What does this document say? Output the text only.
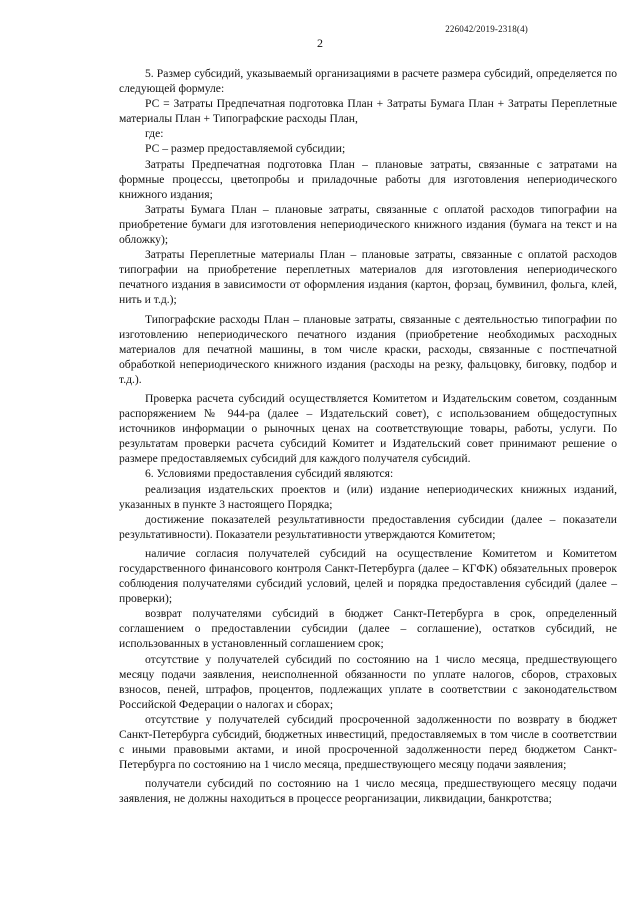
226042/2019-2318(4)
2

5. Размер субсидий, указываемый организациями в расчете размера субсидий, определяется по следующей формуле:

РС = Затраты Предпечатная подготовка План + Затраты Бумага План + Затраты Переплетные материалы План + Типографские расходы План,

где:

РС – размер предоставляемой субсидии;

Затраты Предпечатная подготовка План – плановые затраты, связанные с затратами на формные процессы, цветопробы и приладочные работы для изготовления непериодического книжного издания;

Затраты Бумага План – плановые затраты, связанные с оплатой расходов типографии на приобретение бумаги для изготовления непериодического книжного издания (бумага на текст и на обложку);

Затраты Переплетные материалы План – плановые затраты, связанные с оплатой расходов типографии на приобретение переплетных материалов для изготовления непериодического печатного издания в зависимости от оформления издания (картон, форзац, бумвинил, фольга, клей, нить и т.д.);

Типографские расходы План – плановые затраты, связанные с деятельностью типографии по изготовлению непериодического печатного издания (приобретение необходимых расходных материалов для печатной машины, в том числе краски, расходы, связанные с постпечатной обработкой непериодического книжного издания (расходы на резку, фальцовку, биговку, подбор и т.д.).

Проверка расчета субсидий осуществляется Комитетом и Издательским советом, созданным распоряжением № 944-ра (далее – Издательский совет), с использованием общедоступных источников информации о рыночных ценах на соответствующие товары, работы, услуги. По результатам проверки расчета субсидий Комитет и Издательский совет принимают решение о размере предоставляемых субсидий для каждого получателя субсидий.

6. Условиями предоставления субсидий являются:

реализация издательских проектов и (или) издание непериодических книжных изданий, указанных в пункте 3 настоящего Порядка;

достижение показателей результативности предоставления субсидии (далее – показатели результативности). Показатели результативности утверждаются Комитетом;

наличие согласия получателей субсидий на осуществление Комитетом и Комитетом государственного финансового контроля Санкт-Петербурга (далее – КГФК) обязательных проверок соблюдения получателями субсидий условий, целей и порядка предоставления субсидий (далее – проверки);

возврат получателями субсидий в бюджет Санкт-Петербурга в срок, определенный соглашением о предоставлении субсидии (далее – соглашение), остатков субсидий, не использованных в установленный соглашением срок;

отсутствие у получателей субсидий по состоянию на 1 число месяца, предшествующего месяцу подачи заявления, неисполненной обязанности по уплате налогов, сборов, страховых взносов, пеней, штрафов, процентов, подлежащих уплате в соответствии с законодательством Российской Федерации о налогах и сборах;

отсутствие у получателей субсидий просроченной задолженности по возврату в бюджет Санкт-Петербурга субсидий, бюджетных инвестиций, предоставляемых в том числе в соответствии с иными правовыми актами, и иной просроченной задолженности перед бюджетом Санкт-Петербурга по состоянию на 1 число месяца, предшествующего месяцу подачи заявления;

получатели субсидий по состоянию на 1 число месяца, предшествующего месяцу подачи заявления, не должны находиться в процессе реорганизации, ликвидации, банкротства;
